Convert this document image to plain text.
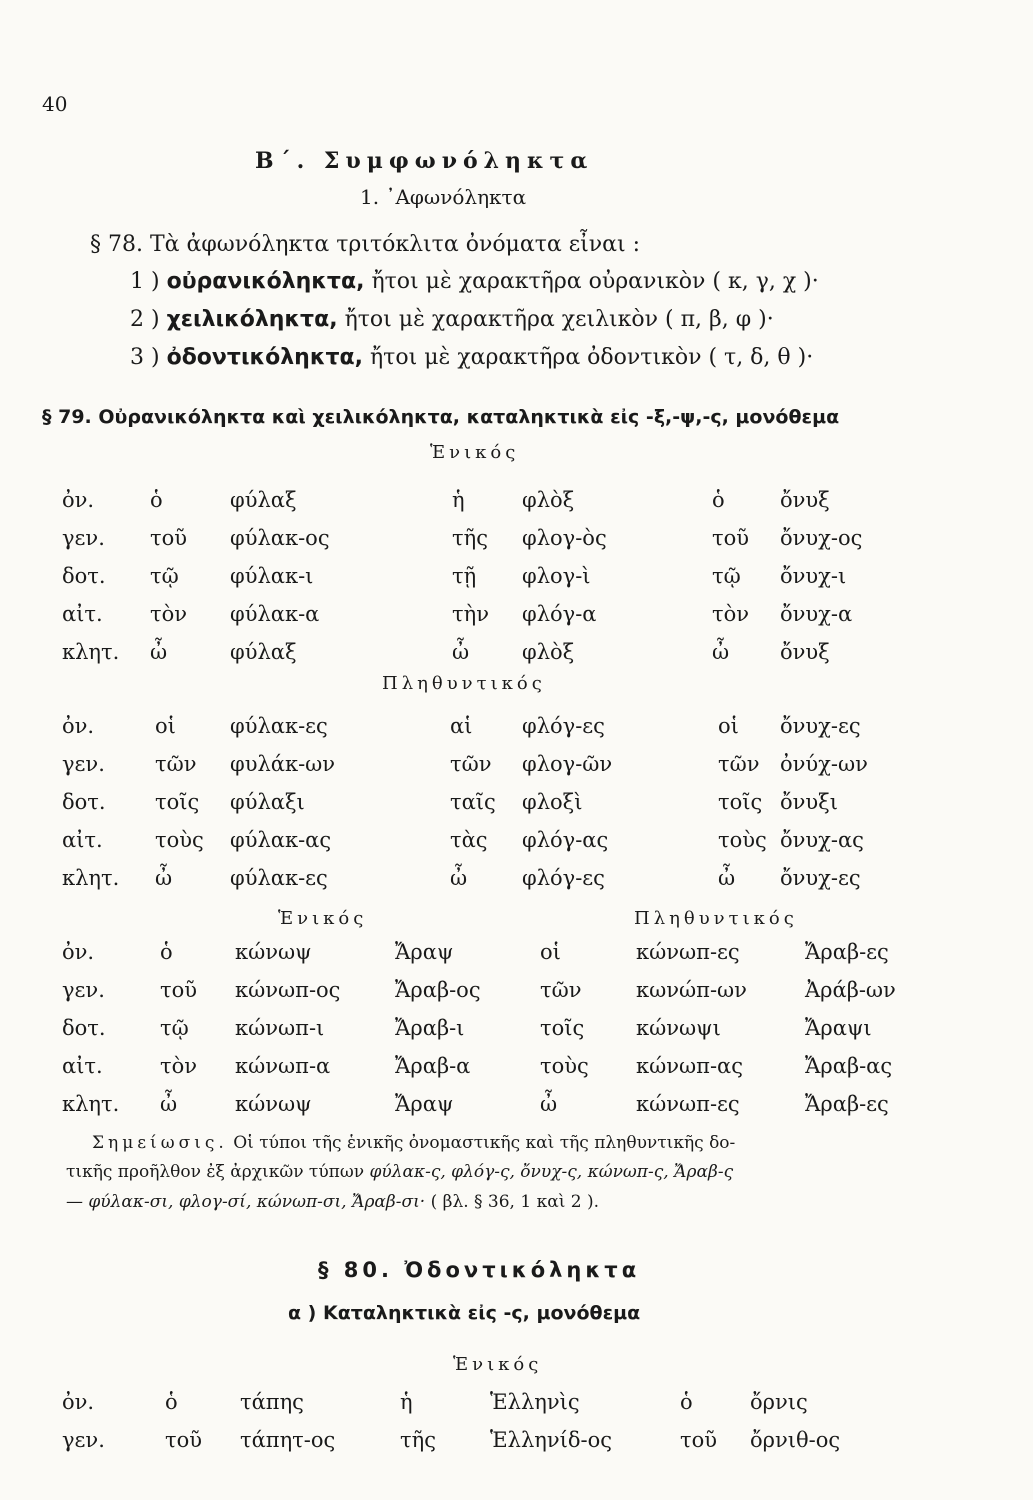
40
Β΄. Συμφωνόληκτα
1. ᾿Αφωνόληκτα
§ 78. Τὰ ἀφωνόληκτα τριτόκλιτα ὀνόματα εἶναι :
1 ) οὐρανικόληκτα, ἤτοι μὲ χαρακτῆρα οὐρανικὸν ( κ, γ, χ )·
2 ) χειλικόληκτα, ἤτοι μὲ χαρακτῆρα χειλικὸν ( π, β, φ )·
3 ) ὀδοντικόληκτα, ἤτοι μὲ χαρακτῆρα ὀδοντικὸν ( τ, δ, θ )·
§ 79. Οὐρανικόληκτα καὶ χειλικόληκτα, καταληκτικὰ εἰς -ξ,-ψ,-ς, μονόθεμα
Ἑνικός
ὀν.	ὁ	φύλαξ	ἡ	φλὸξ	ὁ	ὄνυξ
γεν. τοῦ φύλακ-ος	τῆς φλογ-ὸς	τοῦ ὄνυχ-ος
δοτ. τῷ φύλακ-ι	τῇ φλογ-ὶ	τῷ ὄνυχ-ι
αἰτ. τὸν φύλακ-α	τὴν φλόγ-α	τὸν ὄνυχ-α
κλητ. ὦ	φύλαξ	ὦ	φλὸξ	ὦ ὄνυξ
Πληθυντικός
ὀν.	οἱ	φύλακ-ες	αἱ φλόγ-ες	οἱ ὄνυχ-ες
γεν. τῶν φυλάκ-ων	τῶν φλογ-ῶν	τῶν ὀνύχ-ων
δοτ. τοῖς φύλαξι	ταῖς φλοξὶ	τοῖς ὄνυξι
αἰτ. τοὺς φύλακ-ας	τὰς φλόγ-ας	τοὺς ὄνυχ-ας
κλητ. ὦ	φύλακ-ες	ὦ	φλόγ-ες	ὦ ὄνυχ-ες
Ἑνικός	Πληθυντικός
ὀν.	ὁ	κώνωψ	Ἄραψ	οἱ	κώνωπ-ες	Ἄραβ-ες
γεν.	τοῦ κώνωπ-ος	Ἄραβ-ος	τῶν	κωνώπ-ων	Ἀράβ-ων
δοτ.	τῷ κώνωπ-ι	Ἄραβ-ι	τοῖς κώνωψι	Ἄραψι
αἰτ.	τὸν κώνωπ-α	Ἄραβ-α	τοὺς κώνωπ-ας	Ἄραβ-ας
κλητ. ὦ	κώνωψ	Ἄραψ	ὦ	κώνωπ-ες	Ἄραβ-ες
Σημείωσις. Οἱ τύποι τῆς ἑνικῆς ὀνομαστικῆς καὶ τῆς πληθυντικῆς δο-
τικῆς προῆλθον ἐξ ἀρχικῶν τύπων φύλακ-ς, φλόγ-ς, ὄνυχ-ς, κώνωπ-ς, Ἄραβ-ς
— φύλακ-σι, φλογ-σί, κώνωπ-σι, Ἄραβ-σι· ( βλ. § 36, 1 καὶ 2 ).
§ 80. Ὀδοντικόληκτα
α ) Καταληκτικὰ εἰς -ς, μονόθεμα
Ἑνικός
ὀν.	ὁ	τάπης	ἡ	Ἑλληνὶς	ὁ	ὄρνις
γεν.	τοῦ τάπητ-ος	τῆς	Ἑλληνίδ-ος	τοῦ ὄρνιθ-ος
